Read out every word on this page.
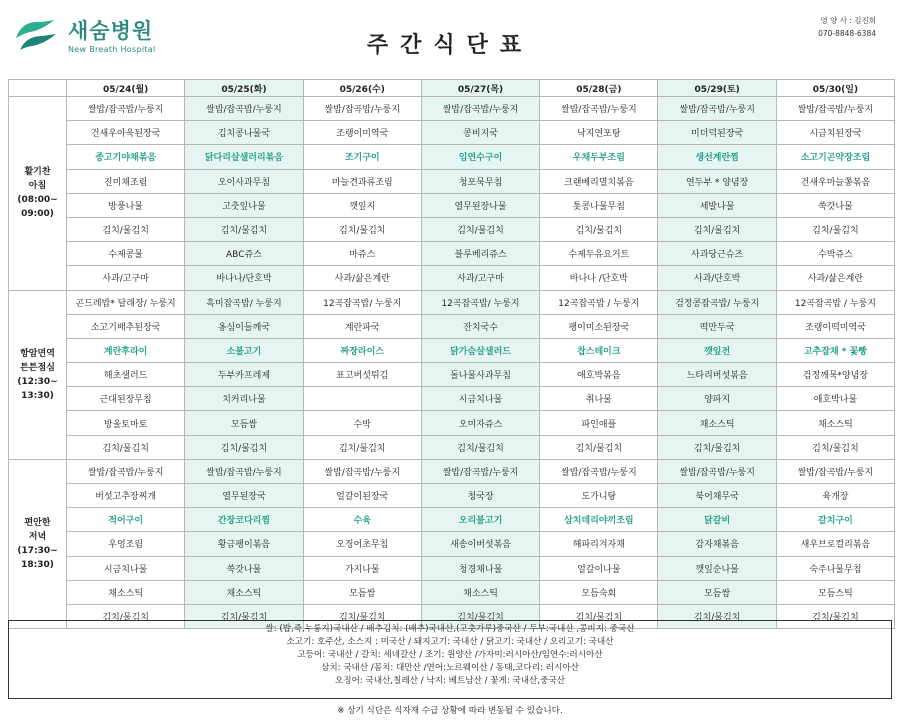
새숨병원
New Breath Hospital	주간식단표
영 양 사 : 김진희
070-8848-6384
	05/24(월)	05/25(화)	05/26(수)	05/27(목)	05/28(금)	05/29(토)	05/30(일)
활기찬
아침
(08:00~
09:00)	쌀밥/잡곡밥/누룽지	쌀밥/잡곡밥/누룽지	쌀밥/잡곡밥/누룽지	쌀밥/잡곡밥/누룽지	쌀밥/잡곡밥/누룽지	쌀밥/잡곡밥/누룽지	쌀밥/잡곡밥/누룽지
	건새우아욱된장국	김치콩나물국	조랭이미역국	콩비지국	낙지연포탕	미더덕된장국	시금치된장국
	종고기야채볶음	닭다리살샐러리볶음	조기구이	임연수구이	우채두부조림	생선계란찜	소고기곤약장조림
	진미채조림	오이사과무침	마늘견과류조림	청포묵무침	크랜베리멸치볶음	연두부 * 양념장	건새우마늘쫑볶음
	방풍나물	고춧잎나물	깻잎지	열무된장나물	톳콩나물무침	세발나물	쑥갓나물
	김치/물김치	김치/물김치	김치/물김치	김치/물김치	김치/물김치	김치/물김치	김치/물김치
	수제콩물	ABC쥬스	마쥬스	블루베리쥬스	수제두유요거트	사과당근슈즈	수박쥬스
	사과/고구마	바나나/단호박	사과/삶은계란	사과/고구마	바나나 /단호박	사과/단호박	사과/삶은계란
항암면역
튼튼점심
(12:30~
13:30)	곤드레밥* 달래장/ 누룽지	흑미잡곡밥/ 누룽지	12곡잡곡밥/ 누룽지	12곡잡곡밥/ 누룽지	12곡잡곡밥 / 누룽지	검정콩잡곡밥/ 누룽지	12곡잡곡밥 / 누룽지
	소고기배추된장국	옹심이들깨국	계란파국	잔치국수	팽이미소된장국	떡만두국	조랭이떡미역국
	계란후라이	소불고기	짜장라이스	닭가슴살샐러드	찹스테이크	깻잎전	고추잡채 * 꽃빵
	해초샐러드	두부카프레제	표고버섯튀김	돌나물사과무침	애호박볶음	느타리버섯볶음	검정깨묵*양념장
	근대된장무침	치커리나물		시금치나물	취나물	양파지	애호박나물
	방울토마토	모듬쌈	수박	오미자쥬스	파인애플	채소스틱	채소스틱
	김치/물김치	김치/물김치	김치/물김치	김치/물김치	김치/물김치	김치/물김치	김치/물김치
편안한
저녁
(17:30~
18:30)	쌀밥/잡곡밥/누룽지	쌀밥/잡곡밥/누룽지	쌀밥/잡곡밥/누룽지	쌀밥/잡곡밥/누룽지	쌀밥/잡곡밥/누룽지	쌀밥/잡곡밥/누룽지	쌀밥/잡곡밥/누룽지
	버섯고추장찌개	열무된장국	얼갈이된장국	청국장	도가니탕	북어채무국	육개장
	적어구이	간장코다리찜	수육	오리불고기	삼치데리야끼조림	닭갈비	갈치구이
	우엉조림	황금팽이볶음	오징어초무침	새송이버섯볶음	해파리겨자채	감자채볶음	새우브로컬리볶음
	시금치나물	쑥갓나물	가지나물	청경채나물	얼갈이나물	깻잎순나물	숙주나물무침
	채소스틱	채소스틱	모듬쌈	채소스틱	모듬숙회	모듬쌈	모듬스틱
	김치/물김치	김치/물김치	김치/물김치	김치/물김치	김치/물김치	김치/물김치	김치/물김치
쌀: (밥,죽,누룽지)국내산 / 배추김치: (배추)국내산,(고춧가루)중국산 / 두부:국내산 ,콩비지: 중국산
소고기: 호주산, 소스지 : 미국산 / 돼지고기: 국내산 / 닭고기: 국내산 / 오리고기: 국내산
고등어: 국내산 / 갈치: 세네갈산 / 조기: 원양산 /가자미:러시아산/임연수:러시아산
삼치: 국내산 /꽁치: 대만산 /연어:노르웨이산 / 동태,코다리: 러시아산
오징어: 국내산,칠레산 / 낙지: 베트남산 / 꽃게: 국내산,중국산
※ 상기 식단은 식자재 수급 상황에 따라 변동될 수 있습니다.
